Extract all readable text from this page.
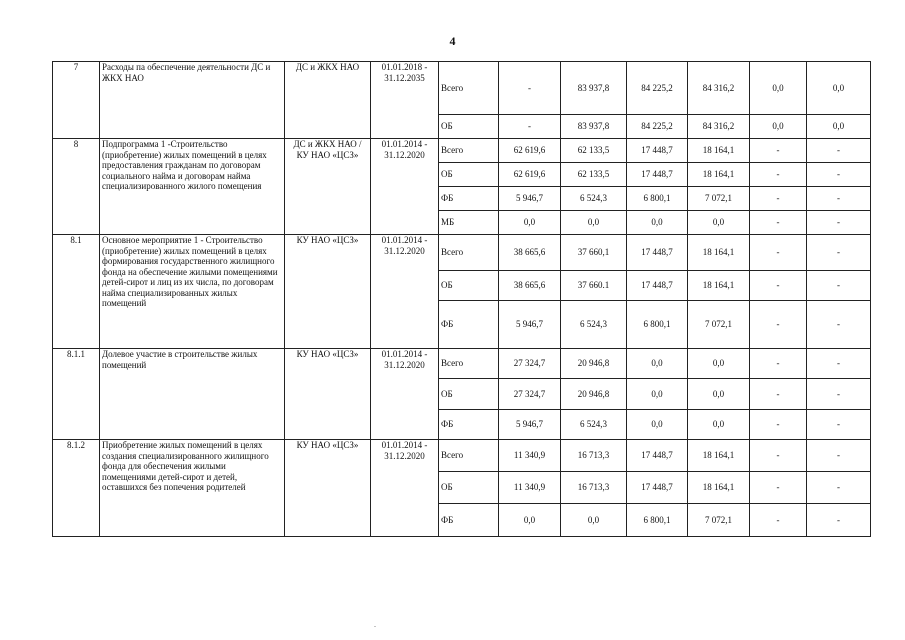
4
7	Расходы па обеспечение деятельности ДС и ЖКХ НАО	ДС и ЖКХ НАО	01.01.2018 - 31.12.2035	Всего	-	83 937,8	84 225,2	84 316,2	0,0	0,0
				ОБ	-	83 937,8	84 225,2	84 316,2	0,0	0,0
8	Подпрограмма 1 -Строительство (приобретение) жилых помещений в целях предоставления гражданам по договорам социального найма и договорам найма специализированного жилого помещения	ДС и ЖКХ НАО / КУ НАО «ЦСЗ»	01.01.2014 - 31.12.2020	Всего	62 619,6	62 133,5	17 448,7	18 164,1	-	-
				ОБ	62 619,6	62 133,5	17 448,7	18 164,1	-	-
				ФБ	5 946,7	6 524,3	6 800,1	7 072,1	-	-
				МБ	0,0	0,0	0,0	0,0	-	-
8.1	Основное мероприятие 1 - Строительство (приобретение) жилых помещений в целях формирования государственного жилищного фонда на обеспечение жилыми помещениями детей-сирот и лиц из их числа, по договорам найма специализированных жилых помещений	КУ НАО «ЦСЗ»	01.01.2014 - 31.12.2020	Всего	38 665,6	37 660,1	17 448,7	18 164,1	-	-
				ОБ	38 665,6	37 660.1	17 448,7	18 164,1	-	-
				ФБ	5 946,7	6 524,3	6 800,1	7 072,1	-	-
8.1.1	Долевое участие в строительстве жилых помещений	КУ НАО «ЦСЗ»	01.01.2014 - 31.12.2020	Всего	27 324,7	20 946,8	0,0	0,0	-	-
				ОБ	27 324,7	20 946,8	0,0	0,0	-	-
				ФБ	5 946,7	6 524,3	0,0	0,0	-	-
8.1.2	Приобретение жилых помещений в целях создания специализированного жилищного фонда для обеспечения жилыми помещениями детей-сирот и детей, оставшихся без попечения родителей	КУ НАО «ЦСЗ»	01.01.2014 - 31.12.2020	Всего	11 340,9	16 713,3	17 448,7	18 164,1	-	-
				ОБ	11 340,9	16 713,3	17 448,7	18 164,1	-	-
				ФБ	0,0	0,0	6 800,1	7 072,1	-	-
.
